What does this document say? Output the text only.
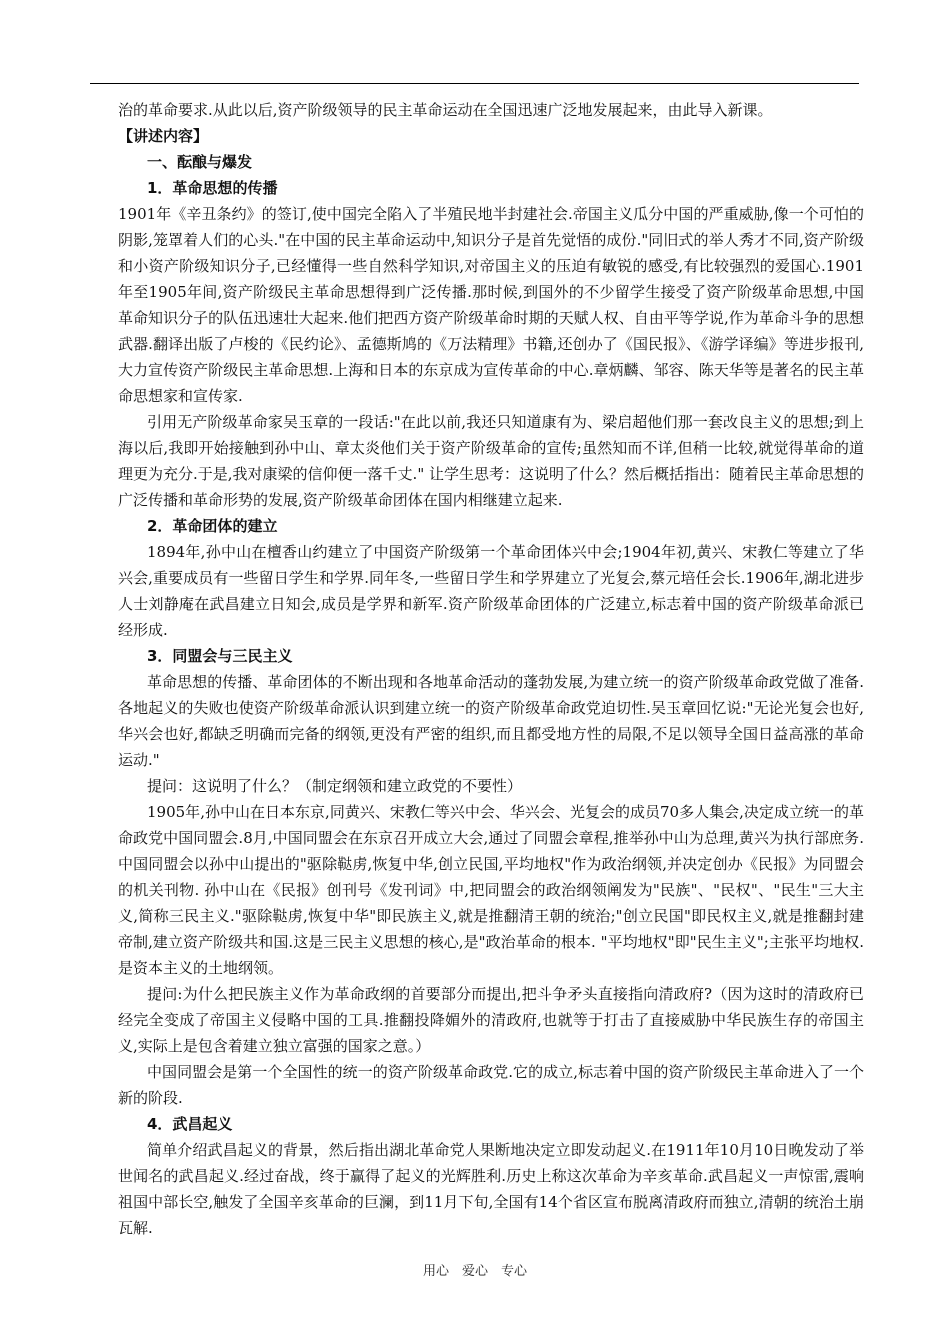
治的革命要求.从此以后,资产阶级领导的民主革命运动在全国迅速广泛地发展起来，由此导入新课。

【讲述内容】

一、酝酿与爆发

1．革命思想的传播

1901年《辛丑条约》的签订,使中国完全陷入了半殖民地半封建社会.帝国主义瓜分中国的严重威胁,像一个可怕的阴影,笼罩着人们的心头."在中国的民主革命运动中,知识分子是首先觉悟的成份."同旧式的举人秀才不同,资产阶级和小资产阶级知识分子,已经懂得一些自然科学知识,对帝国主义的压迫有敏锐的感受,有比较强烈的爱国心.1901年至1905年间,资产阶级民主革命思想得到广泛传播.那时候,到国外的不少留学生接受了资产阶级革命思想,中国革命知识分子的队伍迅速壮大起来.他们把西方资产阶级革命时期的天赋人权、自由平等学说,作为革命斗争的思想武器.翻译出版了卢梭的《民约论》、孟德斯鸠的《万法精理》书籍,还创办了《国民报》、《游学译编》等进步报刊,大力宣传资产阶级民主革命思想.上海和日本的东京成为宣传革命的中心.章炳麟、邹容、陈天华等是著名的民主革命思想家和宣传家.

引用无产阶级革命家吴玉章的一段话:"在此以前,我还只知道康有为、梁启超他们那一套改良主义的思想;到上海以后,我即开始接触到孙中山、章太炎他们关于资产阶级革命的宣传;虽然知而不详,但稍一比较,就觉得革命的道理更为充分.于是,我对康梁的信仰便一落千丈." 让学生思考：这说明了什么？然后概括指出：随着民主革命思想的广泛传播和革命形势的发展,资产阶级革命团体在国内相继建立起来.

2．革命团体的建立

1894年,孙中山在檀香山约建立了中国资产阶级第一个革命团体兴中会;1904年初,黄兴、宋教仁等建立了华兴会,重要成员有一些留日学生和学界.同年冬,一些留日学生和学界建立了光复会,蔡元培任会长.1906年,湖北进步人士刘静庵在武昌建立日知会,成员是学界和新军.资产阶级革命团体的广泛建立,标志着中国的资产阶级革命派已经形成.

3．同盟会与三民主义

革命思想的传播、革命团体的不断出现和各地革命活动的蓬勃发展,为建立统一的资产阶级革命政党做了准备.各地起义的失败也使资产阶级革命派认识到建立统一的资产阶级革命政党迫切性.吴玉章回忆说:"无论光复会也好,华兴会也好,都缺乏明确而完备的纲领,更没有严密的组织,而且都受地方性的局限,不足以领导全国日益高涨的革命运动."

提问：这说明了什么？（制定纲领和建立政党的不要性）

1905年,孙中山在日本东京,同黄兴、宋教仁等兴中会、华兴会、光复会的成员70多人集会,决定成立统一的革命政党中国同盟会.8月,中国同盟会在东京召开成立大会,通过了同盟会章程,推举孙中山为总理,黄兴为执行部庶务.中国同盟会以孙中山提出的"驱除鞑虏,恢复中华,创立民国,平均地权"作为政治纲领,并决定创办《民报》为同盟会的机关刊物. 孙中山在《民报》创刊号《发刊词》中,把同盟会的政治纲领阐发为"民族"、"民权"、"民生"三大主义,简称三民主义."驱除鞑虏,恢复中华"即民族主义,就是推翻清王朝的统治;"创立民国"即民权主义,就是推翻封建帝制,建立资产阶级共和国.这是三民主义思想的核心,是"政治革命的根本. "平均地权"即"民生主义";主张平均地权.是资本主义的土地纲领。

提问:为什么把民族主义作为革命政纲的首要部分而提出,把斗争矛头直接指向清政府?（因为这时的清政府已经完全变成了帝国主义侵略中国的工具.推翻投降媚外的清政府,也就等于打击了直接威胁中华民族生存的帝国主义,实际上是包含着建立独立富强的国家之意。）

中国同盟会是第一个全国性的统一的资产阶级革命政党.它的成立,标志着中国的资产阶级民主革命进入了一个新的阶段.

4．武昌起义

简单介绍武昌起义的背景，然后指出湖北革命党人果断地决定立即发动起义.在1911年10月10日晚发动了举世闻名的武昌起义.经过奋战，终于赢得了起义的光辉胜利.历史上称这次革命为辛亥革命.武昌起义一声惊雷,震响祖国中部长空,触发了全国辛亥革命的巨澜，到11月下旬,全国有14个省区宣布脱离清政府而独立,清朝的统治土崩瓦解.

用心　爱心　专心
